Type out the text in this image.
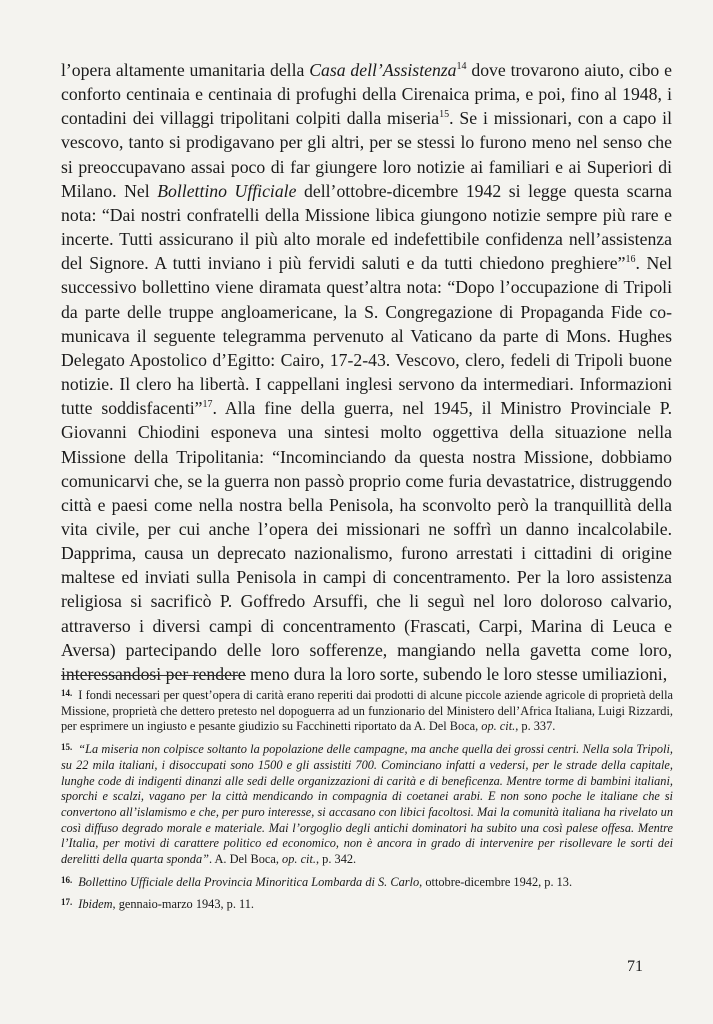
l’opera altamente umanitaria della Casa dell’Assistenza$^{14}$ dove trovarono aiuto, cibo e conforto centinaia e centinaia di profughi della Cirenaica prima, e poi, fino al 1948, i contadini dei villaggi tripolitani colpiti dalla miseria$^{15}$. Se i missionari, con a capo il vescovo, tanto si prodigavano per gli altri, per se stessi lo furono meno nel senso che si preoccupavano assai poco di far giungere loro notizie ai familiari e ai Superiori di Milano. Nel Bollettino Ufficiale dell’ottobre-dicembre 1942 si legge questa scarna nota: “Dai nostri confratelli della Missione libica giungono notizie sempre più rare e incerte. Tutti assicurano il più alto morale ed indefettibile confidenza nell’assistenza del Signore. A tutti inviano i più fervidi saluti e da tutti chiedono preghiere”$^{16}$. Nel successivo bollettino viene diramata quest’altra nota: “Dopo l’occupazione di Tripoli da parte delle truppe angloamericane, la S. Congregazione di Propaganda Fide comunicava il seguente telegramma pervenuto al Vaticano da parte di Mons. Hughes Delegato Apostolico d’Egitto: Cairo, 17-2-43. Vescovo, clero, fedeli di Tripoli buone notizie. Il clero ha libertà. I cappellani inglesi servono da intermediari. Informazioni tutte soddisfacenti”$^{17}$. Alla fine della guerra, nel 1945, il Ministro Provinciale P. Giovanni Chiodini esponeva una sintesi molto oggettiva della situazione nella Missione della Tripolitania: “Incominciando da questa nostra Missione, dobbiamo comunicarvi che, se la guerra non passò proprio come furia devastatrice, distruggendo città e paesi come nella nostra bella Penisola, ha sconvolto però la tranquillità della vita civile, per cui anche l’opera dei missionari ne soffrì un danno incalcolabile. Dapprima, causa un deprecato nazionalismo, furono arrestati i cittadini di origine maltese ed inviati sulla Penisola in campi di concentramento. Per la loro assistenza religiosa si sacrificò P. Goffredo Arsuffi, che li seguì nel loro doloroso calvario, attraverso i diversi campi di concentramento (Frascati, Carpi, Marina di Leuca e Aversa) partecipando delle loro sofferenze, mangiando nella gavetta come loro, interessandosi per rendere meno dura la loro sorte, subendo le loro stesse umiliazioni,

$^{14.}$ I fondi necessari per quest’opera di carità erano reperiti dai prodotti di alcune piccole aziende agricole di proprietà della Missione, proprietà che dettero pretesto nel dopoguerra ad un funzionario del Ministero dell’Africa Italiana, Luigi Rizzardi, per esprimere un ingiusto e pesante giudizio su Facchinetti riportato da A. Del Boca, op. cit., p. 337.

$^{15.}$ “La miseria non colpisce soltanto la popolazione delle campagne, ma anche quella dei grossi centri. Nella sola Tripoli, su 22 mila italiani, i disoccupati sono 1500 e gli assistiti 700. Cominciano infatti a vedersi, per le strade della capitale, lunghe code di indigenti dinanzi alle sedi delle organizzazioni di carità e di beneficenza. Mentre torme di bambini italiani, sporchi e scalzi, vagano per la città mendicando in compagnia di coetanei arabi. E non sono poche le italiane che si convertono all’islamismo e che, per puro interesse, si accasano con libici facoltosi. Mai la comunità italiana ha rivelato un così diffuso degrado morale e materiale. Mai l’orgoglio degli antichi dominatori ha subito una così palese offesa. Mentre l’Italia, per motivi di carattere politico ed economico, non è ancora in grado di intervenire per risollevare le sorti dei derelitti della quarta sponda”. A. Del Boca, op. cit., p. 342.

$^{16.}$ Bollettino Ufficiale della Provincia Minoritica Lombarda di S. Carlo, ottobre-dicembre 1942, p. 13.

$^{17.}$ Ibidem, gennaio-marzo 1943, p. 11.

71
